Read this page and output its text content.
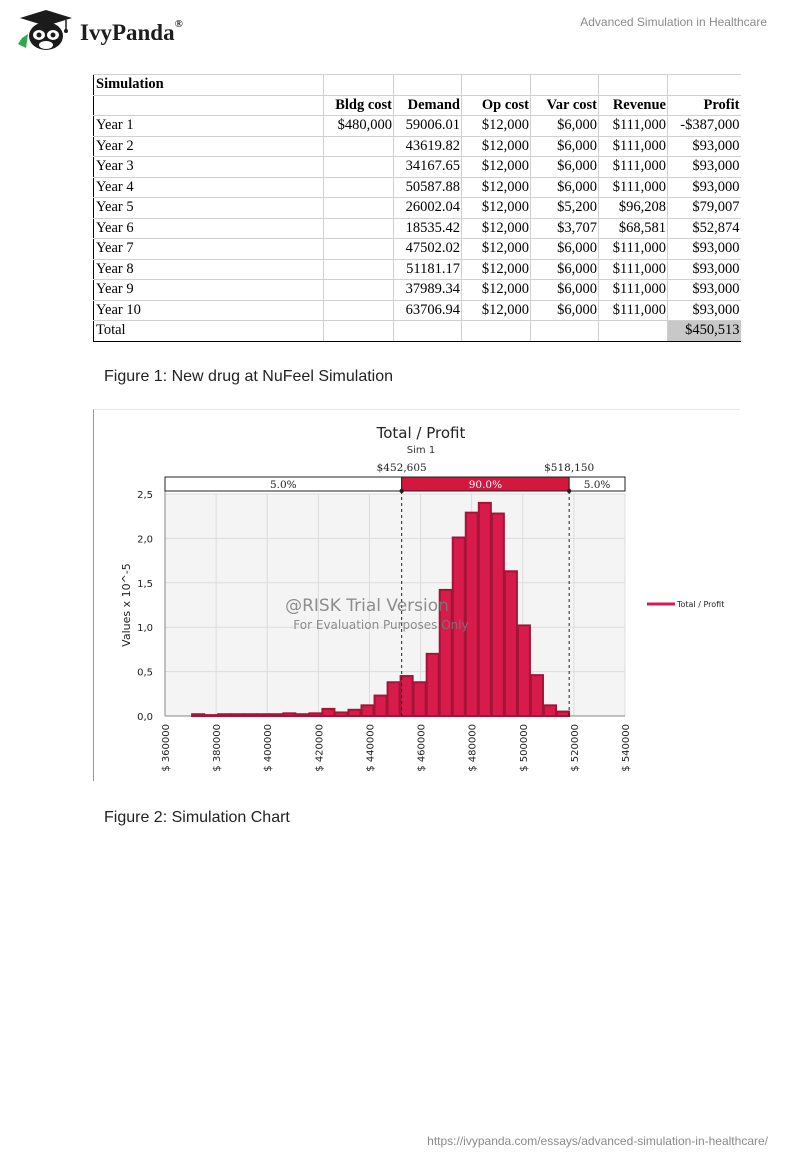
IvyPanda®	Advanced Simulation in Healthcare
Simulation						
	Bldg cost	Demand	Op cost	Var cost	Revenue	Profit
Year 1	$480,000	59006.01	$12,000	$6,000	$111,000	-$387,000
Year 2		43619.82	$12,000	$6,000	$111,000	$93,000
Year 3		34167.65	$12,000	$6,000	$111,000	$93,000
Year 4		50587.88	$12,000	$6,000	$111,000	$93,000
Year 5		26002.04	$12,000	$5,200	$96,208	$79,007
Year 6		18535.42	$12,000	$3,707	$68,581	$52,874
Year 7		47502.02	$12,000	$6,000	$111,000	$93,000
Year 8		51181.17	$12,000	$6,000	$111,000	$93,000
Year 9		37989.34	$12,000	$6,000	$111,000	$93,000
Year 10		63706.94	$12,000	$6,000	$111,000	$93,000
Total						$450,513
Figure 1: New drug at NuFeel Simulation
Total / Profit
Sim 1
0,0
0,5
1,0
1,5
2,0
2,5
$ 360000	$ 380000	$ 400000	$ 420000	$ 440000	$ 460000	$ 480000	$ 500000	$ 520000	$ 540000
Values x 10^-5
5.0%	90.0%	5.0%
$452,605	$518,150
@RISK Trial Version
For Evaluation Purposes Only
Total / Profit
Figure 2: Simulation Chart
https://ivypanda.com/essays/advanced-simulation-in-healthcare/
